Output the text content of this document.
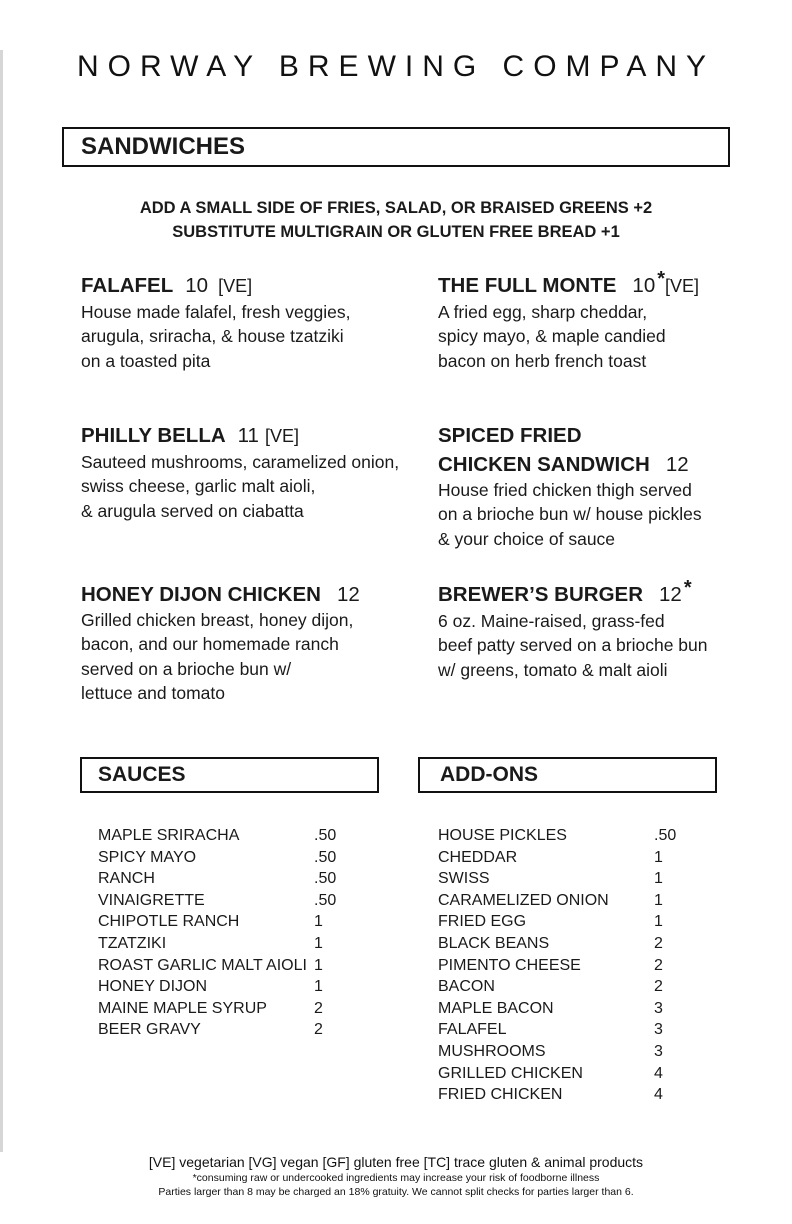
NORWAY BREWING COMPANY
SANDWICHES
ADD A SMALL SIDE OF FRIES, SALAD, OR BRAISED GREENS +2
SUBSTITUTE MULTIGRAIN OR GLUTEN FREE BREAD +1
FALAFEL 10 [VE]
House made falafel, fresh veggies,
arugula, sriracha, & house tzatziki
on a toasted pita
THE FULL MONTE 10 *[VE]
A fried egg, sharp cheddar,
spicy mayo, & maple candied
bacon on herb french toast
PHILLY BELLA 11 [VE]
Sauteed mushrooms, caramelized onion,
swiss cheese, garlic malt aioli,
& arugula served on ciabatta
SPICED FRIED
CHICKEN SANDWICH 12
House fried chicken thigh served
on a brioche bun w/ house pickles
& your choice of sauce
HONEY DIJON CHICKEN 12
Grilled chicken breast, honey dijon,
bacon, and our homemade ranch
served on a brioche bun w/
lettuce and tomato
BREWER’S BURGER 12 *
6 oz. Maine-raised, grass-fed
beef patty served on a brioche bun
w/ greens, tomato & malt aioli
SAUCES	ADD-ONS
MAPLE SRIRACHA	.50
SPICY MAYO	.50
RANCH	.50
VINAIGRETTE	.50
CHIPOTLE RANCH	1
TZATZIKI	1
ROAST GARLIC MALT AIOLI 1
HONEY DIJON	1
MAINE MAPLE SYRUP	2
BEER GRAVY	2
HOUSE PICKLES	.50
CHEDDAR	1
SWISS	1
CARAMELIZED ONION	1
FRIED EGG	1
BLACK BEANS	2
PIMENTO CHEESE	2
BACON	2
MAPLE BACON	3
FALAFEL	3
MUSHROOMS	3
GRILLED CHICKEN	4
FRIED CHICKEN	4
[VE] vegetarian [VG] vegan [GF] gluten free [TC] trace gluten & animal products
*consuming raw or undercooked ingredients may increase your risk of foodborne illness
Parties larger than 8 may be charged an 18% gratuity. We cannot split checks for parties larger than 6.
